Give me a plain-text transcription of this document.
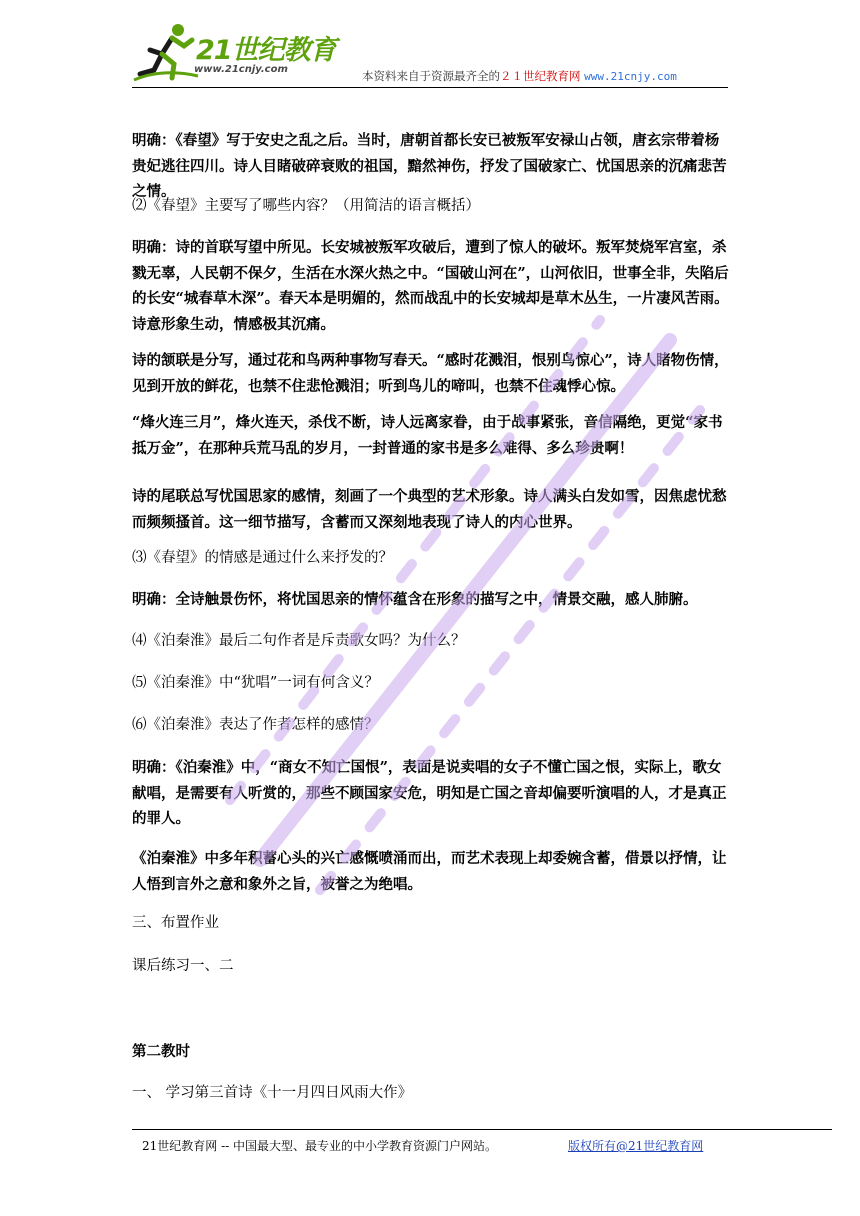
21世纪教育
www.21cnjy.com	本资料来自于资源最齐全的２１世纪教育网 www.21cnjy.com
明确：《春望》写于安史之乱之后。当时，唐朝首都长安已被叛军安禄山占领，唐玄宗带着杨贵妃逃往四川。诗人目睹破碎衰败的祖国，黯然神伤，抒发了国破家亡、忧国思亲的沉痛悲苦之情。
⑵《春望》主要写了哪些内容？（用简洁的语言概括）
明确：诗的首联写望中所见。长安城被叛军攻破后，遭到了惊人的破坏。叛军焚烧军宫室，杀戮无辜，人民朝不保夕，生活在水深火热之中。“国破山河在”，山河依旧，世事全非，失陷后的长安“城春草木深”。春天本是明媚的，然而战乱中的长安城却是草木丛生，一片凄风苦雨。诗意形象生动，情感极其沉痛。
诗的颔联是分写，通过花和鸟两种事物写春天。“感时花溅泪，恨别鸟惊心”，诗人睹物伤情，见到开放的鲜花，也禁不住悲怆溅泪；听到鸟儿的啼叫，也禁不住魂悸心惊。
“烽火连三月”，烽火连天，杀伐不断，诗人远离家眷，由于战事紧张，音信隔绝，更觉“家书抵万金”，在那种兵荒马乱的岁月，一封普通的家书是多么难得、多么珍贵啊！
诗的尾联总写忧国思家的感情，刻画了一个典型的艺术形象。诗人满头白发如雪，因焦虑忧愁而频频搔首。这一细节描写，含蓄而又深刻地表现了诗人的内心世界。
⑶《春望》的情感是通过什么来抒发的？
明确：全诗触景伤怀，将忧国思亲的情怀蕴含在形象的描写之中，情景交融，感人肺腑。
⑷《泊秦淮》最后二句作者是斥责歌女吗？为什么？
⑸《泊秦淮》中“犹唱”一词有何含义？
⑹《泊秦淮》表达了作者怎样的感情？
明确：《泊秦淮》中，“商女不知亡国恨”，表面是说卖唱的女子不懂亡国之恨，实际上，歌女献唱，是需要有人听赏的，那些不顾国家安危，明知是亡国之音却偏要听演唱的人，才是真正的罪人。
《泊秦淮》中多年积蓄心头的兴亡感慨喷涌而出，而艺术表现上却委婉含蓄，借景以抒情，让人悟到言外之意和象外之旨，被誉之为绝唱。
三、布置作业
课后练习一、二
第二教时
一、 学习第三首诗《十一月四日风雨大作》
21世纪教育网 -- 中国最大型、最专业的中小学教育资源门户网站。	版权所有@21世纪教育网
